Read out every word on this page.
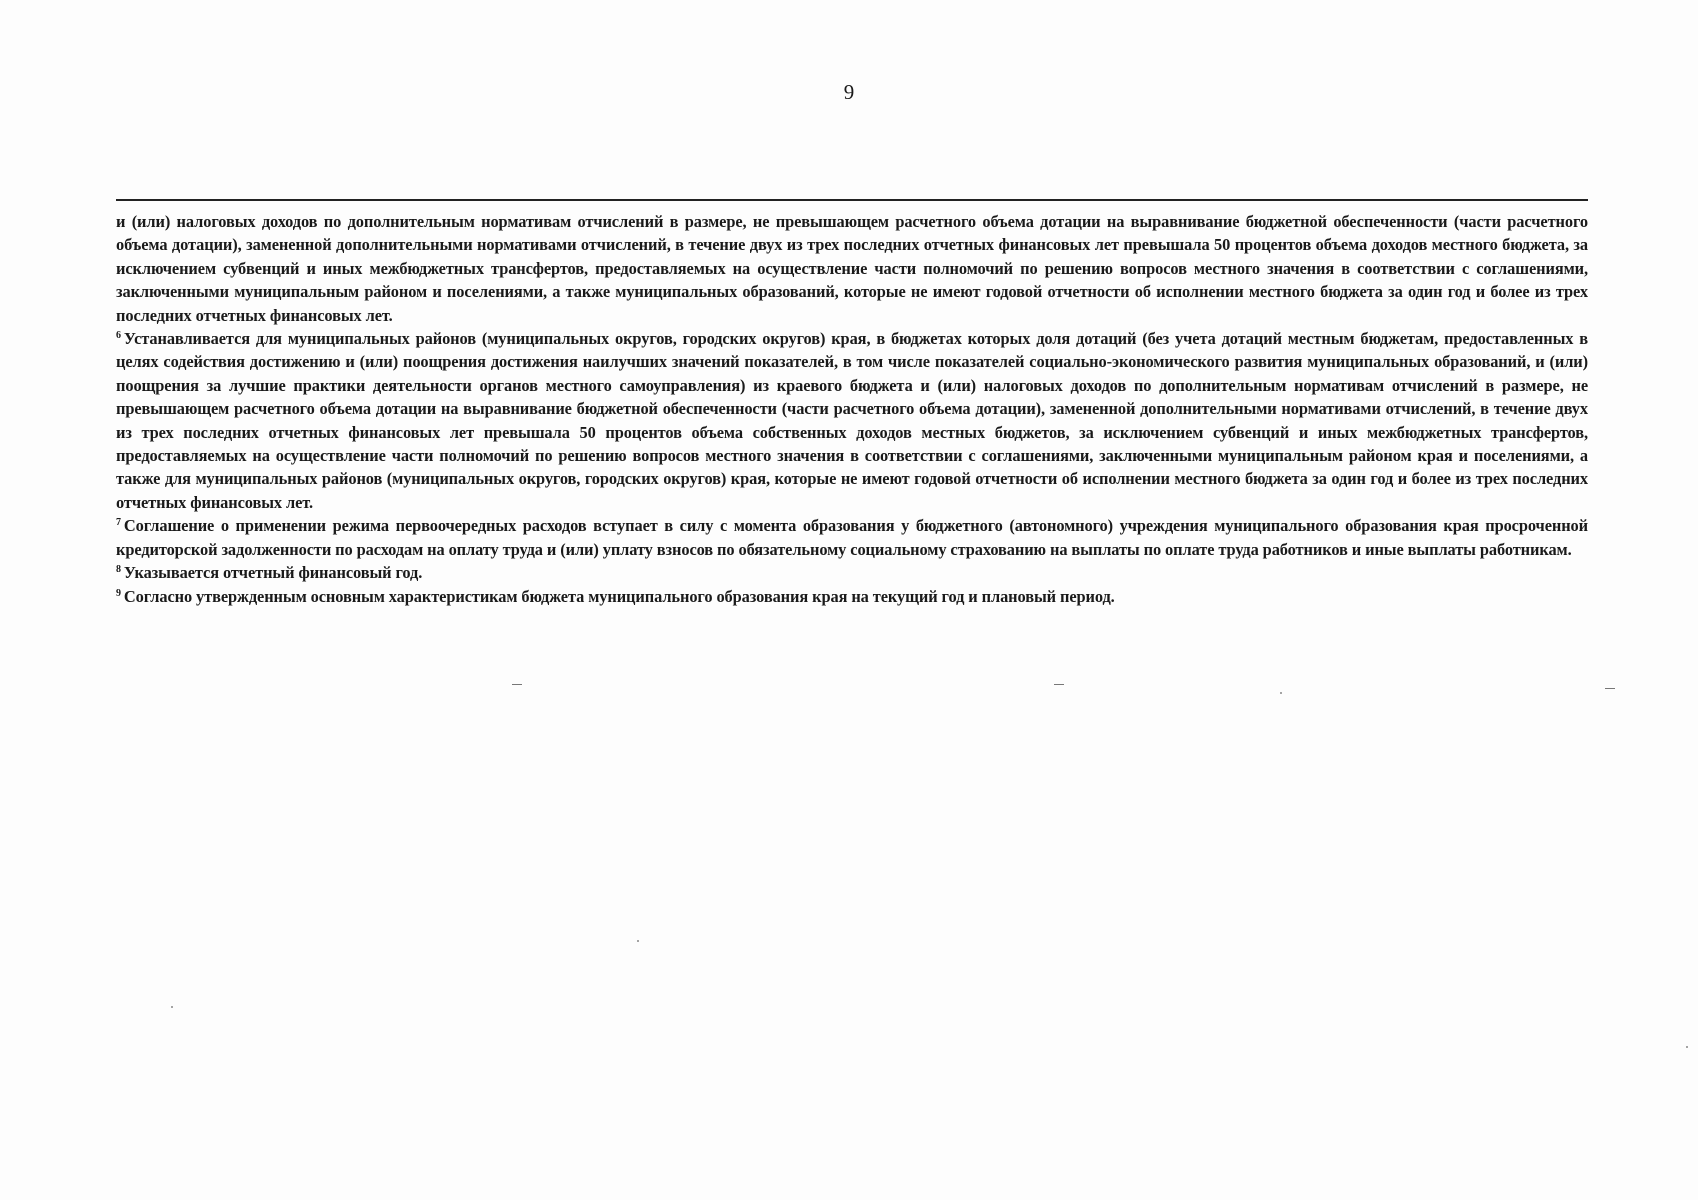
9

и (или) налоговых доходов по дополнительным нормативам отчислений в размере, не превышающем расчетного объема дотации на выравнивание бюджетной обеспеченности (части расчетного объема дотации), замененной дополнительными нормативами отчислений, в течение двух из трех последних отчетных финансовых лет превышала 50 процентов объема доходов местного бюджета, за исключением субвенций и иных межбюджетных трансфертов, предоставляемых на осуществление части полномочий по решению вопросов местного значения в соответствии с соглашениями, заключенными муниципальным районом и поселениями, а также муниципальных образований, которые не имеют годовой отчетности об исполнении местного бюджета за один год и более из трех последних отчетных финансовых лет.

$^6$ Устанавливается для муниципальных районов (муниципальных округов, городских округов) края, в бюджетах которых доля дотаций (без учета дотаций местным бюджетам, предоставленных в целях содействия достижению и (или) поощрения достижения наилучших значений показателей, в том числе показателей социально-экономического развития муниципальных образований, и (или) поощрения за лучшие практики деятельности органов местного самоуправления) из краевого бюджета и (или) налоговых доходов по дополнительным нормативам отчислений в размере, не превышающем расчетного объема дотации на выравнивание бюджетной обеспеченности (части расчетного объема дотации), замененной дополнительными нормативами отчислений, в течение двух из трех последних отчетных финансовых лет превышала 50 процентов объема собственных доходов местных бюджетов, за исключением субвенций и иных межбюджетных трансфертов, предоставляемых на осуществление части полномочий по решению вопросов местного значения в соответствии с соглашениями, заключенными муниципальным районом края и поселениями, а также для муниципальных районов (муниципальных округов, городских округов) края, которые не имеют годовой отчетности об исполнении местного бюджета за один год и более из трех последних отчетных финансовых лет.

$^7$ Соглашение о применении режима первоочередных расходов вступает в силу с момента образования у бюджетного (автономного) учреждения муниципального образования края просроченной кредиторской задолженности по расходам на оплату труда и (или) уплату взносов по обязательному социальному страхованию на выплаты по оплате труда работников и иные выплаты работникам.

$^8$ Указывается отчетный финансовый год.

$^9$ Согласно утвержденным основным характеристикам бюджета муниципального образования края на текущий год и плановый период.
